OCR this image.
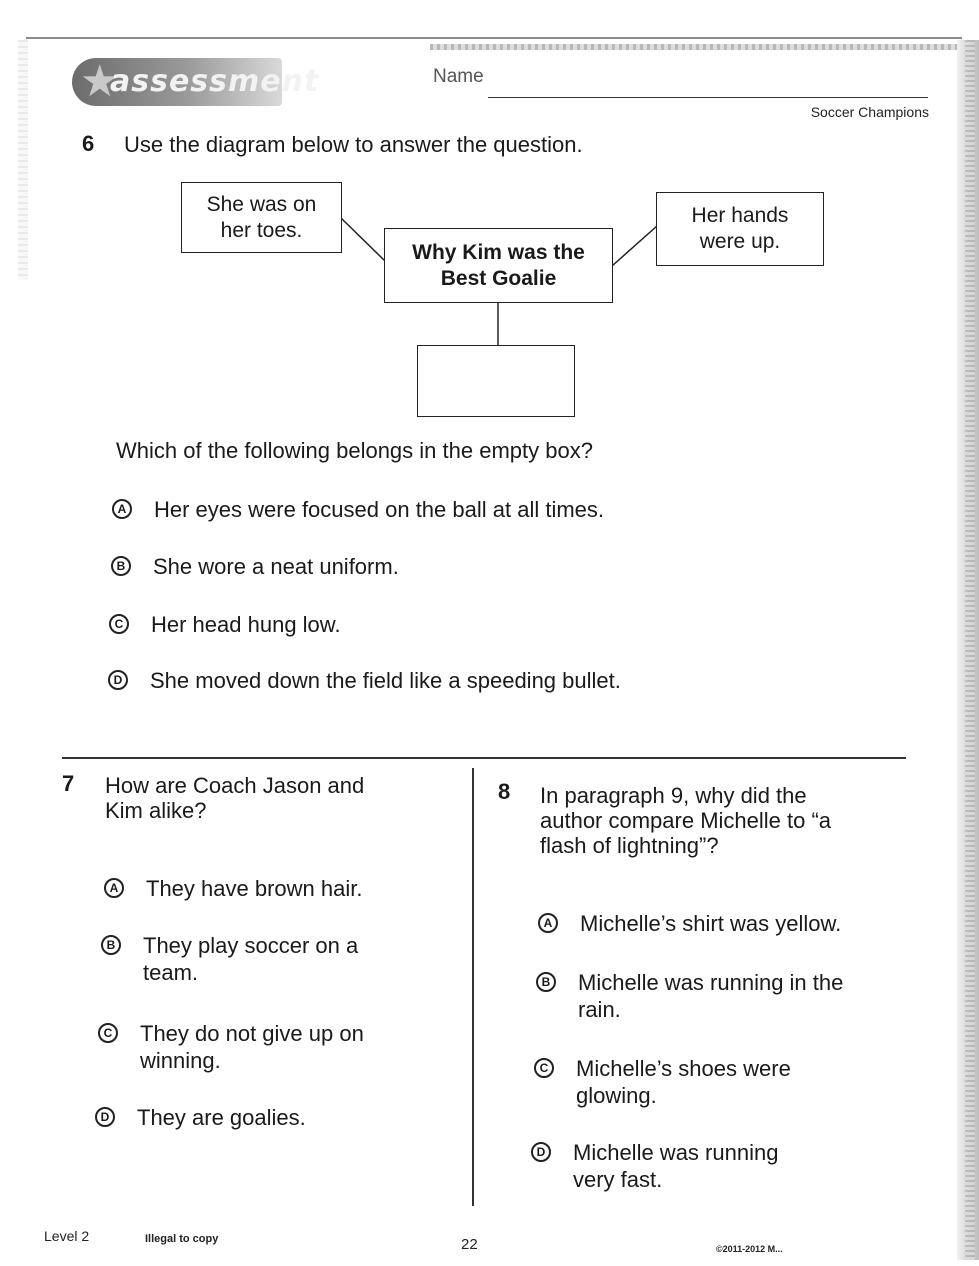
★
assessment	Name
Soccer Champions
6 Use the diagram below to answer the question.
She was on
her toes.
Why Kim was the
Best Goalie
Her hands
were up.
Which of the following belongs in the empty box?
A Her eyes were focused on the ball at all times.
B She wore a neat uniform.
C Her head hung low.
D She moved down the field like a speeding bullet.
7 How are Coach Jason and
Kim alike?
A They have brown hair.
B They play soccer on a
team.
C They do not give up on
winning.
D They are goalies.
8 In paragraph 9, why did the
author compare Michelle to “a
flash of lightning”?
A Michelle’s shirt was yellow.
B Michelle was running in the
rain.
C Michelle’s shoes were
glowing.
D Michelle was running
very fast.
Level 2	Illegal to copy	22	©2011-2012 M...
